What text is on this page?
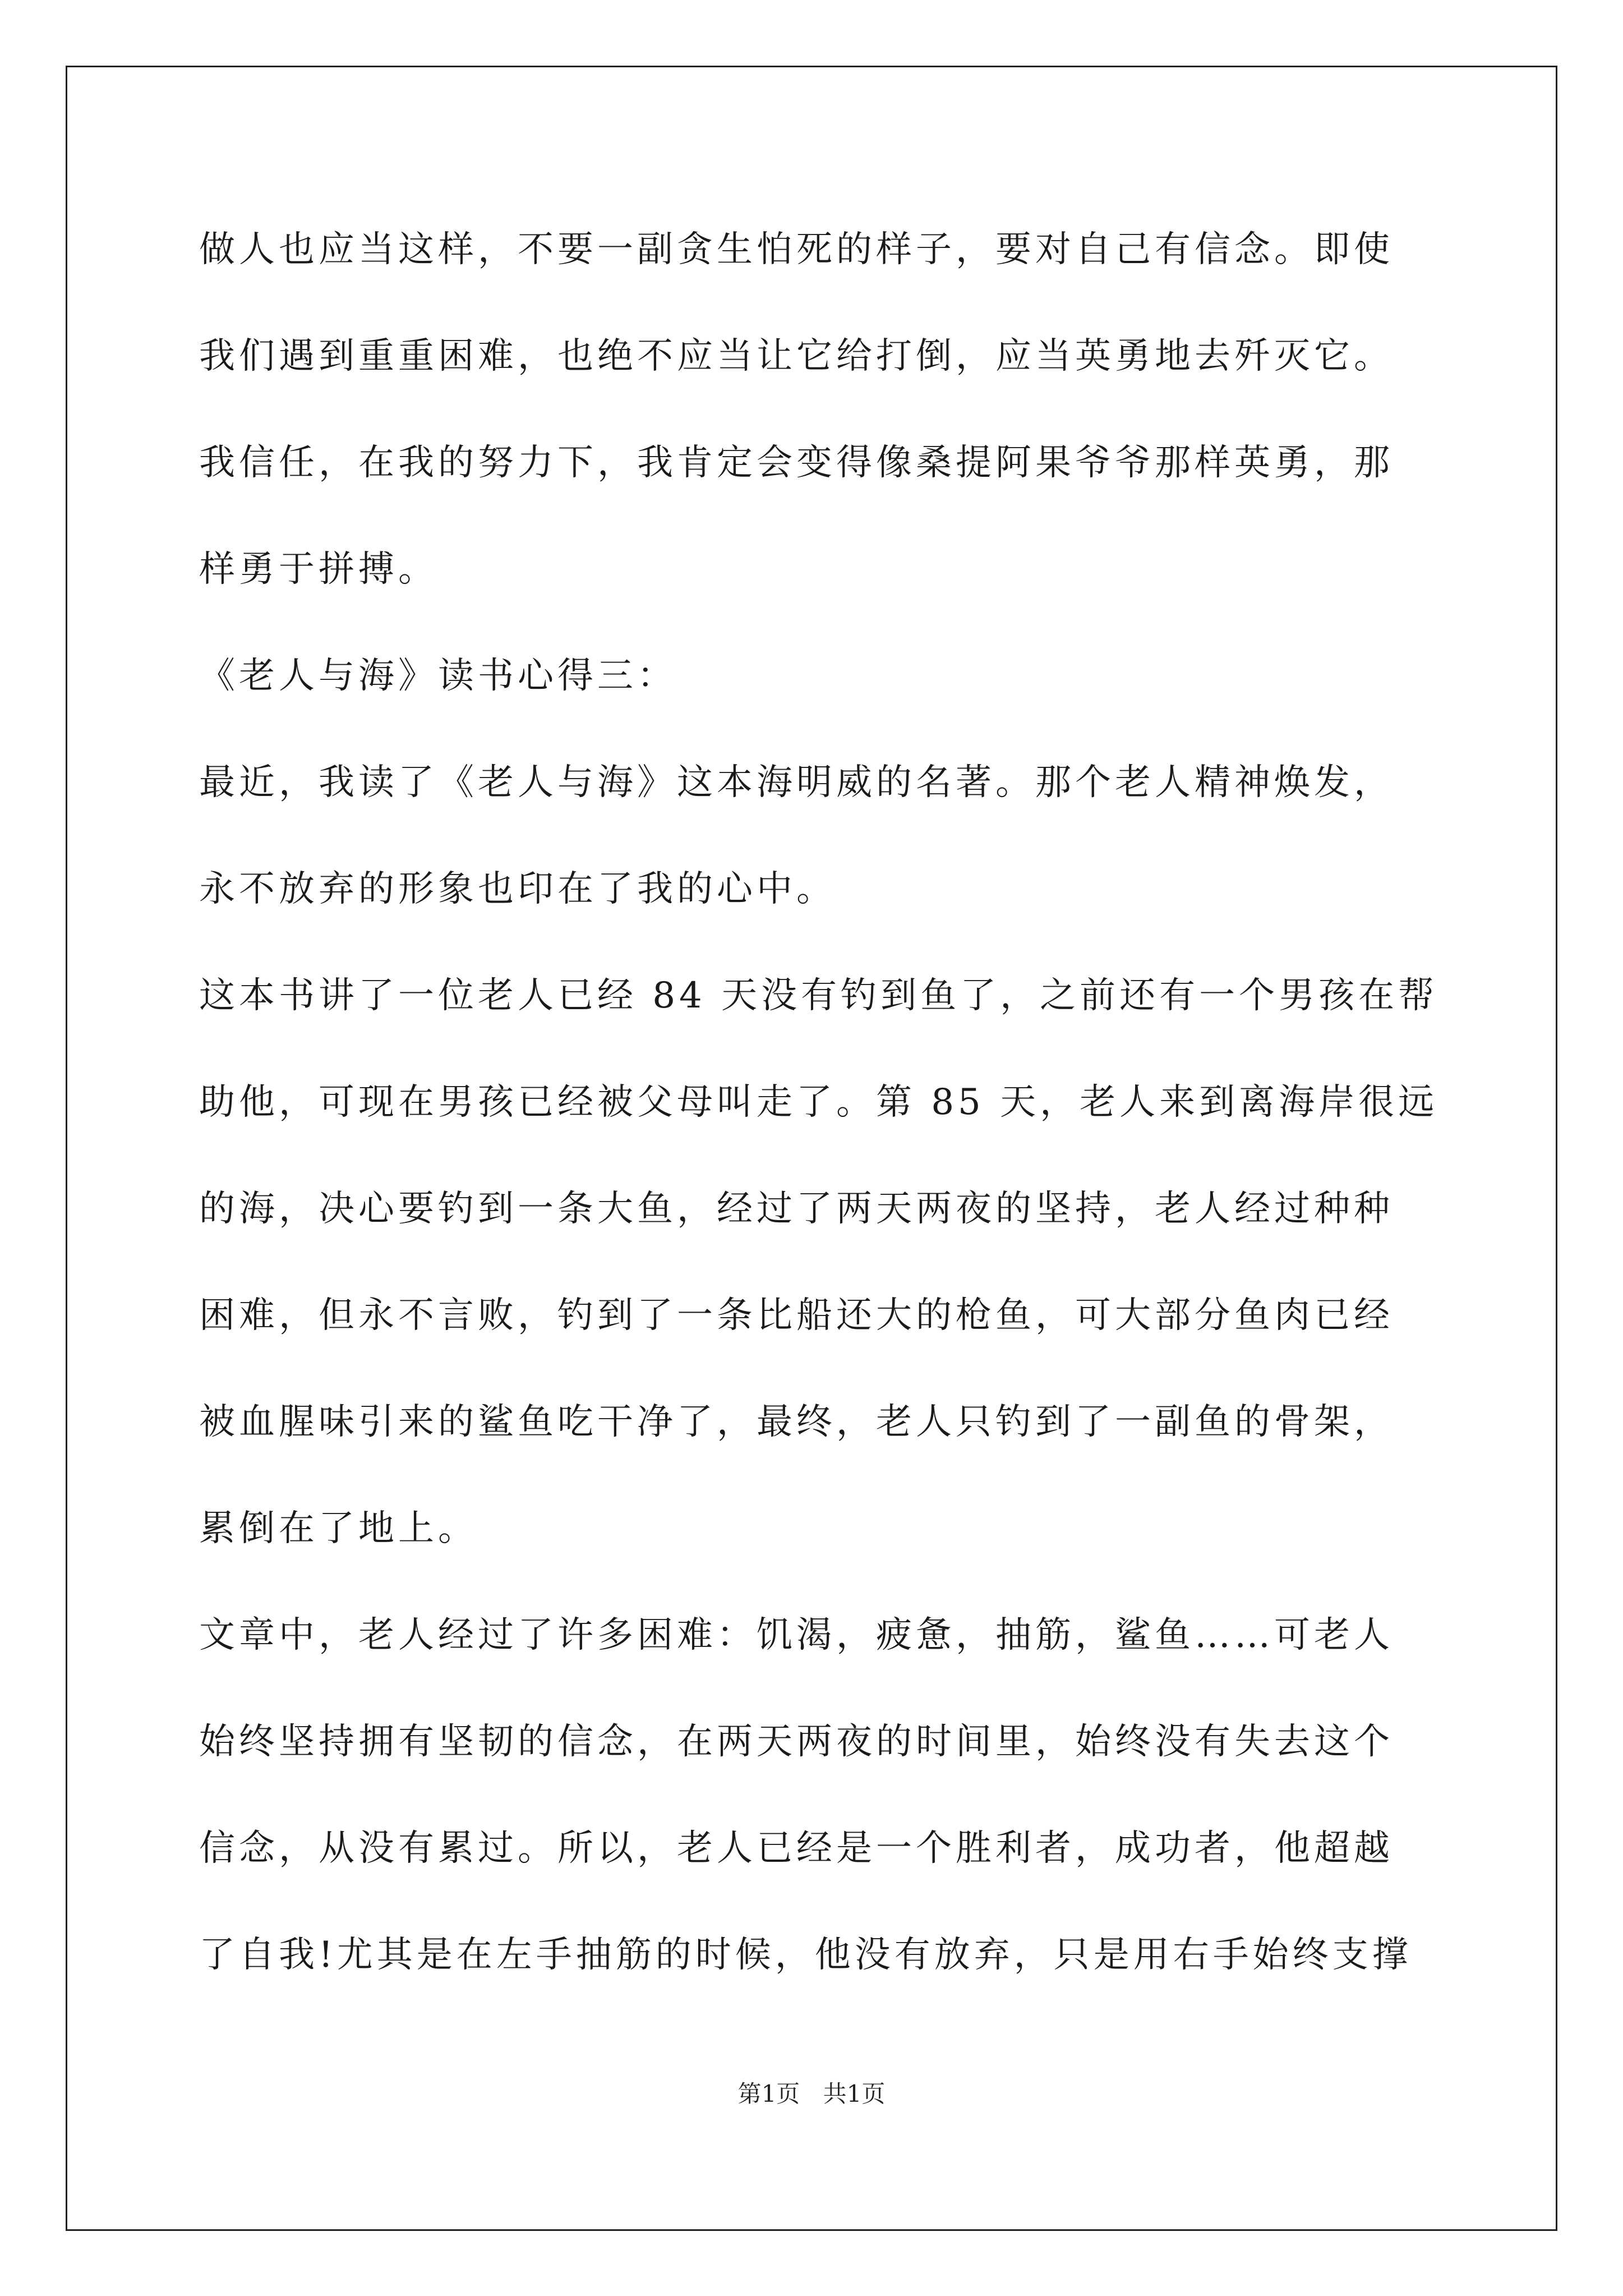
做人也应当这样，不要一副贪生怕死的样子，要对自己有信念。即使
我们遇到重重困难，也绝不应当让它给打倒，应当英勇地去歼灭它。
我信任，在我的努力下，我肯定会变得像桑提阿果爷爷那样英勇，那
样勇于拼搏。
《老人与海》读书心得三：
最近，我读了《老人与海》这本海明威的名著。那个老人精神焕发，
永不放弃的形象也印在了我的心中。
这本书讲了一位老人已经 84 天没有钓到鱼了，之前还有一个男孩在帮
助他，可现在男孩已经被父母叫走了。第 85 天，老人来到离海岸很远
的海，决心要钓到一条大鱼，经过了两天两夜的坚持，老人经过种种
困难，但永不言败，钓到了一条比船还大的枪鱼，可大部分鱼肉已经
被血腥味引来的鲨鱼吃干净了，最终，老人只钓到了一副鱼的骨架，
累倒在了地上。
文章中，老人经过了许多困难：饥渴，疲惫，抽筋，鲨鱼……可老人
始终坚持拥有坚韧的信念，在两天两夜的时间里，始终没有失去这个
信念，从没有累过。所以，老人已经是一个胜利者，成功者，他超越
了自我!尤其是在左手抽筋的时候，他没有放弃，只是用右手始终支撑
第1页 共1页
